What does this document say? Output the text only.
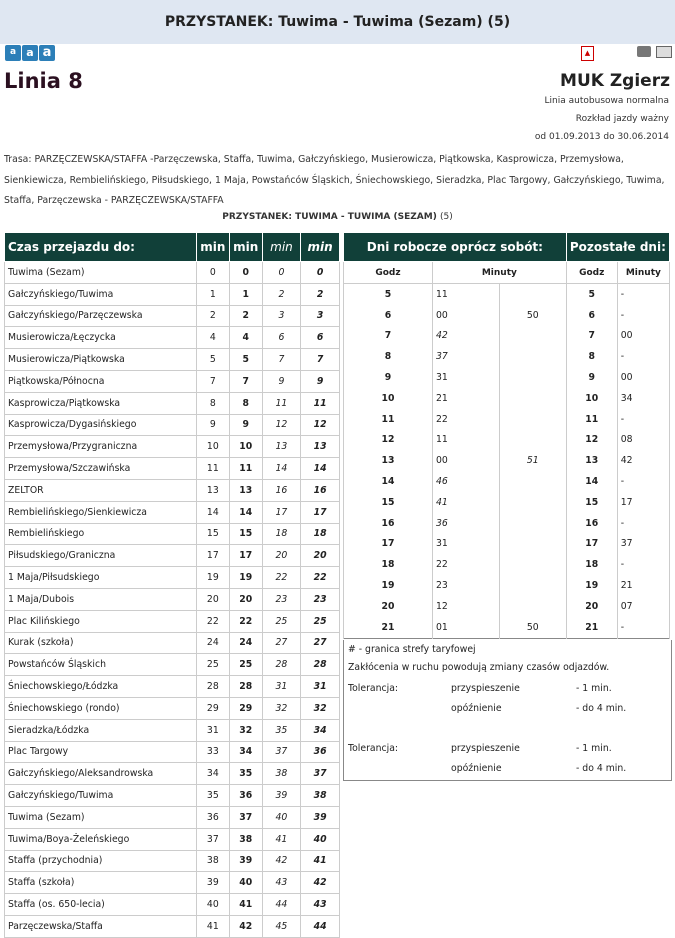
PRZYSTANEK: Tuwima - Tuwima (Sezam) (5)
a a a	▲
Linia 8	MUK Zgierz
Linia autobusowa normalna
Rozkład jazdy ważny
od 01.09.2013 do 30.06.2014
Trasa: PARZĘCZEWSKA/STAFFA -Parzęczewska, Staffa, Tuwima, Gałczyńskiego, Musierowicza, Piątkowska, Kasprowicza, Przemysłowa, Sienkiewicza, Rembielińskiego, Piłsudskiego, 1 Maja, Powstańców Śląskich, Śniechowskiego, Sieradzka, Plac Targowy, Gałczyńskiego, Tuwima, Staffa, Parzęczewska - PARZĘCZEWSKA/STAFFA
PRZYSTANEK: TUWIMA - TUWIMA (SEZAM) (5)
Czas przejazdu do:	min	min	min	min
Tuwima (Sezam)	0	0	0	0
Gałczyńskiego/Tuwima	1	1	2	2
Gałczyńskiego/Parzęczewska	2	2	3	3
Musierowicza/Łęczycka	4	4	6	6
Musierowicza/Piątkowska	5	5	7	7
Piątkowska/Północna	7	7	9	9
Kasprowicza/Piątkowska	8	8	11	11
Kasprowicza/Dygasińskiego	9	9	12	12
Przemysłowa/Przygraniczna	10	10	13	13
Przemysłowa/Szczawińska	11	11	14	14
ZELTOR	13	13	16	16
Rembielińskiego/Sienkiewicza	14	14	17	17
Rembielińskiego	15	15	18	18
Piłsudskiego/Graniczna	17	17	20	20
1 Maja/Piłsudskiego	19	19	22	22
1 Maja/Dubois	20	20	23	23
Plac Kilińskiego	22	22	25	25
Kurak (szkoła)	24	24	27	27
Powstańców Śląskich	25	25	28	28
Śniechowskiego/Łódzka	28	28	31	31
Śniechowskiego (rondo)	29	29	32	32
Sieradzka/Łódzka	31	32	35	34
Plac Targowy	33	34	37	36
Gałczyńskiego/Aleksandrowska	34	35	38	37
Gałczyńskiego/Tuwima	35	36	39	38
Tuwima (Sezam)	36	37	40	39
Tuwima/Boya-Żeleńskiego	37	38	41	40
Staffa (przychodnia)	38	39	42	41
Staffa (szkoła)	39	40	43	42
Staffa (os. 650-lecia)	40	41	44	43
Parzęczewska/Staffa	41	42	45	44
Dni robocze oprócz sobót:			Pozostałe dni:	
Godz	Minuty		Godz	Minuty
5	11		5	-
6	00	50	6	-
7	42		7	00
8	37		8	-
9	31		9	00
10	21		10	34
11	22		11	-
12	11		12	08
13	00	51	13	42
14	46		14	-
15	41		15	17
16	36		16	-
17	31		17	37
18	22		18	-
19	23		19	21
20	12		20	07
21	01	50	21	-
# - granica strefy taryfowej
Zakłócenia w ruchu powodują zmiany czasów odjazdów.
Tolerancja:	przyspieszenie	- 1 min.
opóźnienie	- do 4 min.
Tolerancja:	przyspieszenie	- 1 min.
opóźnienie	- do 4 min.
